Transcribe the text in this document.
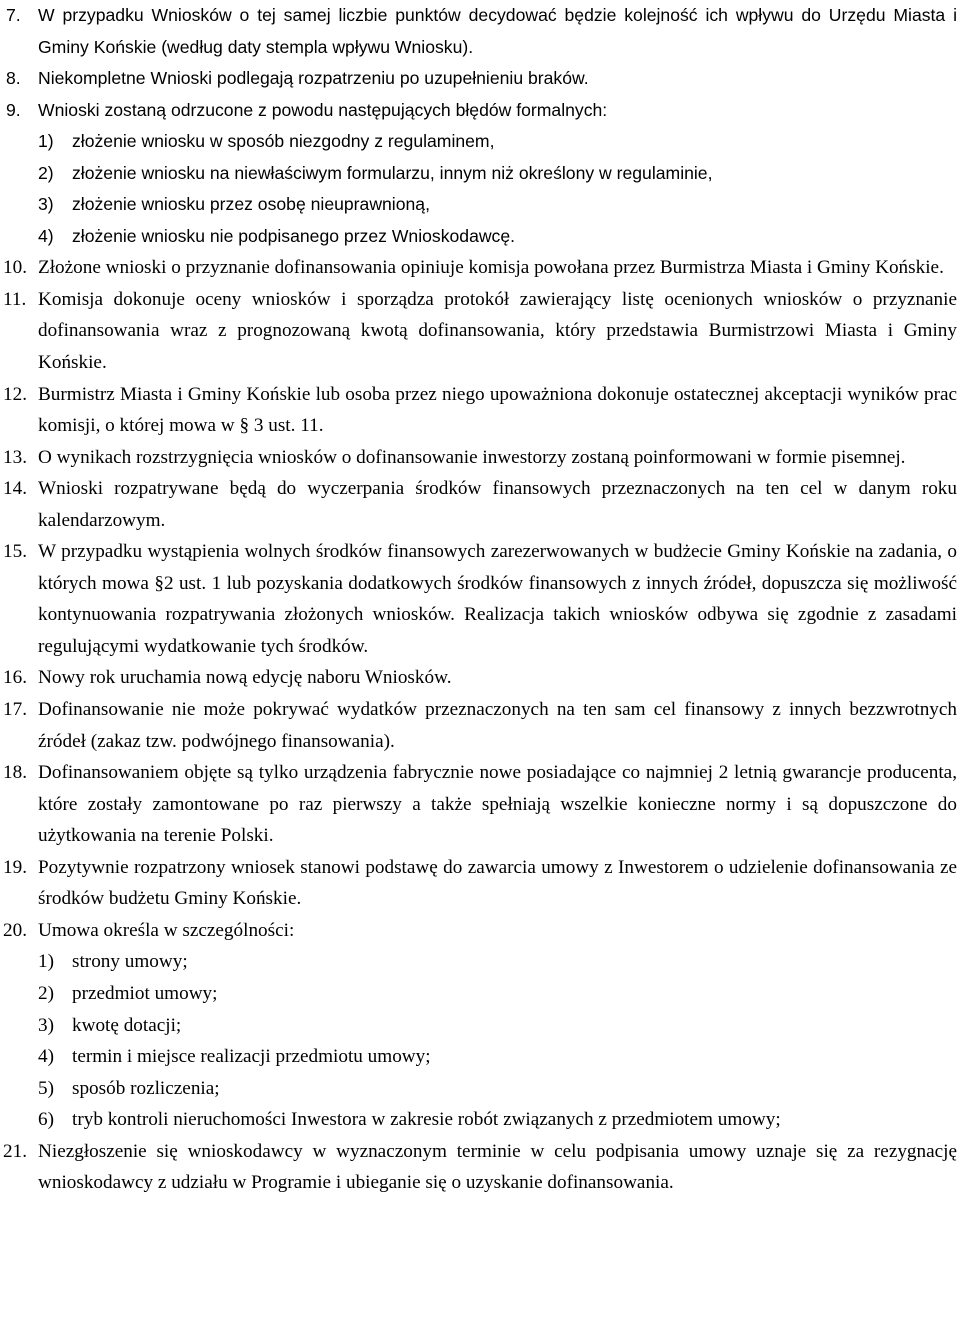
7. W przypadku Wniosków o tej samej liczbie punktów decydować będzie kolejność ich wpływu do Urzędu Miasta i Gminy Końskie (według daty stempla wpływu Wniosku).
8. Niekompletne Wnioski podlegają rozpatrzeniu po uzupełnieniu braków.
9. Wnioski zostaną odrzucone z powodu następujących błędów formalnych:
1) złożenie wniosku w sposób niezgodny z regulaminem,
2) złożenie wniosku na niewłaściwym formularzu, innym niż określony w regulaminie,
3) złożenie wniosku przez osobę nieuprawnioną,
4) złożenie wniosku nie podpisanego przez Wnioskodawcę.
10. Złożone wnioski o przyznanie dofinansowania opiniuje komisja powołana przez Burmistrza Miasta i Gminy Końskie.
11. Komisja dokonuje oceny wniosków i sporządza protokół zawierający listę ocenionych wniosków o przyznanie dofinansowania wraz z prognozowaną kwotą dofinansowania, który przedstawia Burmistrzowi Miasta i Gminy Końskie.
12. Burmistrz Miasta i Gminy Końskie lub osoba przez niego upoważniona dokonuje ostatecznej akceptacji wyników prac komisji, o której mowa w § 3 ust. 11.
13. O wynikach rozstrzygnięcia wniosków o dofinansowanie inwestorzy zostaną poinformowani w formie pisemnej.
14. Wnioski rozpatrywane będą do wyczerpania środków finansowych przeznaczonych na ten cel w danym roku kalendarzowym.
15. W przypadku wystąpienia wolnych środków finansowych zarezerwowanych w budżecie Gminy Końskie na zadania, o których mowa §2 ust. 1 lub pozyskania dodatkowych środków finansowych z innych źródeł, dopuszcza się możliwość kontynuowania rozpatrywania złożonych wniosków. Realizacja takich wniosków odbywa się zgodnie z zasadami regulującymi wydatkowanie tych środków.
16. Nowy rok uruchamia nową edycję naboru Wniosków.
17. Dofinansowanie nie może pokrywać wydatków przeznaczonych na ten sam cel finansowy z innych bezzwrotnych źródeł (zakaz tzw. podwójnego finansowania).
18. Dofinansowaniem objęte są tylko urządzenia fabrycznie nowe posiadające co najmniej 2 letnią gwarancje producenta, które zostały zamontowane po raz pierwszy a także spełniają wszelkie konieczne normy i są dopuszczone do użytkowania na terenie Polski.
19. Pozytywnie rozpatrzony wniosek stanowi podstawę do zawarcia umowy z Inwestorem o udzielenie dofinansowania ze środków budżetu Gminy Końskie.
20. Umowa określa w szczególności:
1) strony umowy;
2) przedmiot umowy;
3) kwotę dotacji;
4) termin i miejsce realizacji przedmiotu umowy;
5) sposób rozliczenia;
6) tryb kontroli nieruchomości Inwestora w zakresie robót związanych z przedmiotem umowy;
21. Niezgłoszenie się wnioskodawcy w wyznaczonym terminie w celu podpisania umowy uznaje się za rezygnację wnioskodawcy z udziału w Programie i ubieganie się o uzyskanie dofinansowania.
